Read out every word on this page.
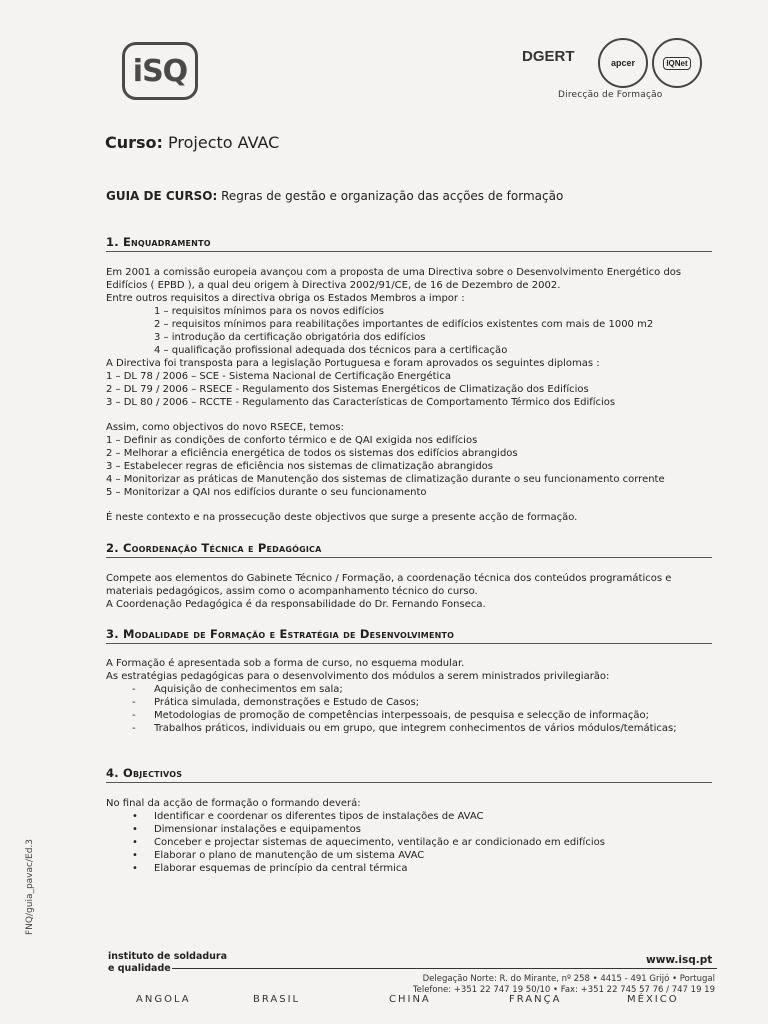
iSQ	DGERT	apcer	IQNet
Direcção de Formação
Curso: Projecto AVAC
GUIA DE CURSO: Regras de gestão e organização das acções de formação
1. Enquadramento

Em 2001 a comissão europeia avançou com a proposta de uma Directiva sobre o Desenvolvimento Energético dos Edifícios ( EPBD ), a qual deu origem à Directiva 2002/91/CE, de 16 de Dezembro de 2002.

Entre outros requisitos a directiva obriga os Estados Membros a impor :

1 – requisitos mínimos para os novos edifícios

2 – requisitos mínimos para reabilitações importantes de edifícios existentes com mais de 1000 m2

3 – introdução da certificação obrigatória dos edifícios

4 – qualificação profissional adequada dos técnicos para a certificação

A Directiva foi transposta para a legislação Portuguesa e foram aprovados os seguintes diplomas :

1 – DL 78 / 2006 – SCE - Sistema Nacional de Certificação Energética

2 – DL 79 / 2006 – RSECE - Regulamento dos Sistemas Energéticos de Climatização dos Edifícios

3 – DL 80 / 2006 – RCCTE - Regulamento das Características de Comportamento Térmico dos Edifícios

Assim, como objectivos do novo RSECE, temos:

1 – Definir as condições de conforto térmico e de QAI exigida nos edifícios

2 – Melhorar a eficiência energética de todos os sistemas dos edifícios abrangidos

3 – Estabelecer regras de eficiência nos sistemas de climatização abrangidos

4 – Monitorizar as práticas de Manutenção dos sistemas de climatização durante o seu funcionamento corrente

5 – Monitorizar a QAI nos edifícios durante o seu funcionamento

É neste contexto e na prossecução deste objectivos que surge a presente acção de formação.

2. Coordenação Técnica e Pedagógica

Compete aos elementos do Gabinete Técnico / Formação, a coordenação técnica dos conteúdos programáticos e materiais pedagógicos, assim como o acompanhamento técnico do curso.

A Coordenação Pedagógica é da responsabilidade do Dr. Fernando Fonseca.

3. Modalidade de Formação e Estratégia de Desenvolvimento

A Formação é apresentada sob a forma de curso, no esquema modular.

As estratégias pedagógicas para o desenvolvimento dos módulos a serem ministrados privilegiarão:

- Aquisição de conhecimentos em sala;
- Prática simulada, demonstrações e Estudo de Casos;
- Metodologias de promoção de competências interpessoais, de pesquisa e selecção de informação;
- Trabalhos práticos, individuais ou em grupo, que integrem conhecimentos de vários módulos/temáticas;
4. Objectivos

No final da acção de formação o formando deverá:

• Identificar e coordenar os diferentes tipos de instalações de AVAC
• Dimensionar instalações e equipamentos
• Conceber e projectar sistemas de aquecimento, ventilação e ar condicionado em edifícios
• Elaborar o plano de manutenção de um sistema AVAC
• Elaborar esquemas de princípio da central térmica
FNQ/guia_pavac/Ed.3
instituto de soldadura
e qualidade
www.isq.pt
Delegação Norte: R. do Mirante, nº 258 • 4415 - 491 Grijó • Portugal
Telefone: +351 22 747 19 50/10 • Fax: +351 22 745 57 76 / 747 19 19
ANGOLA	BRASIL	CHINA	FRANÇA	MÉXICO
